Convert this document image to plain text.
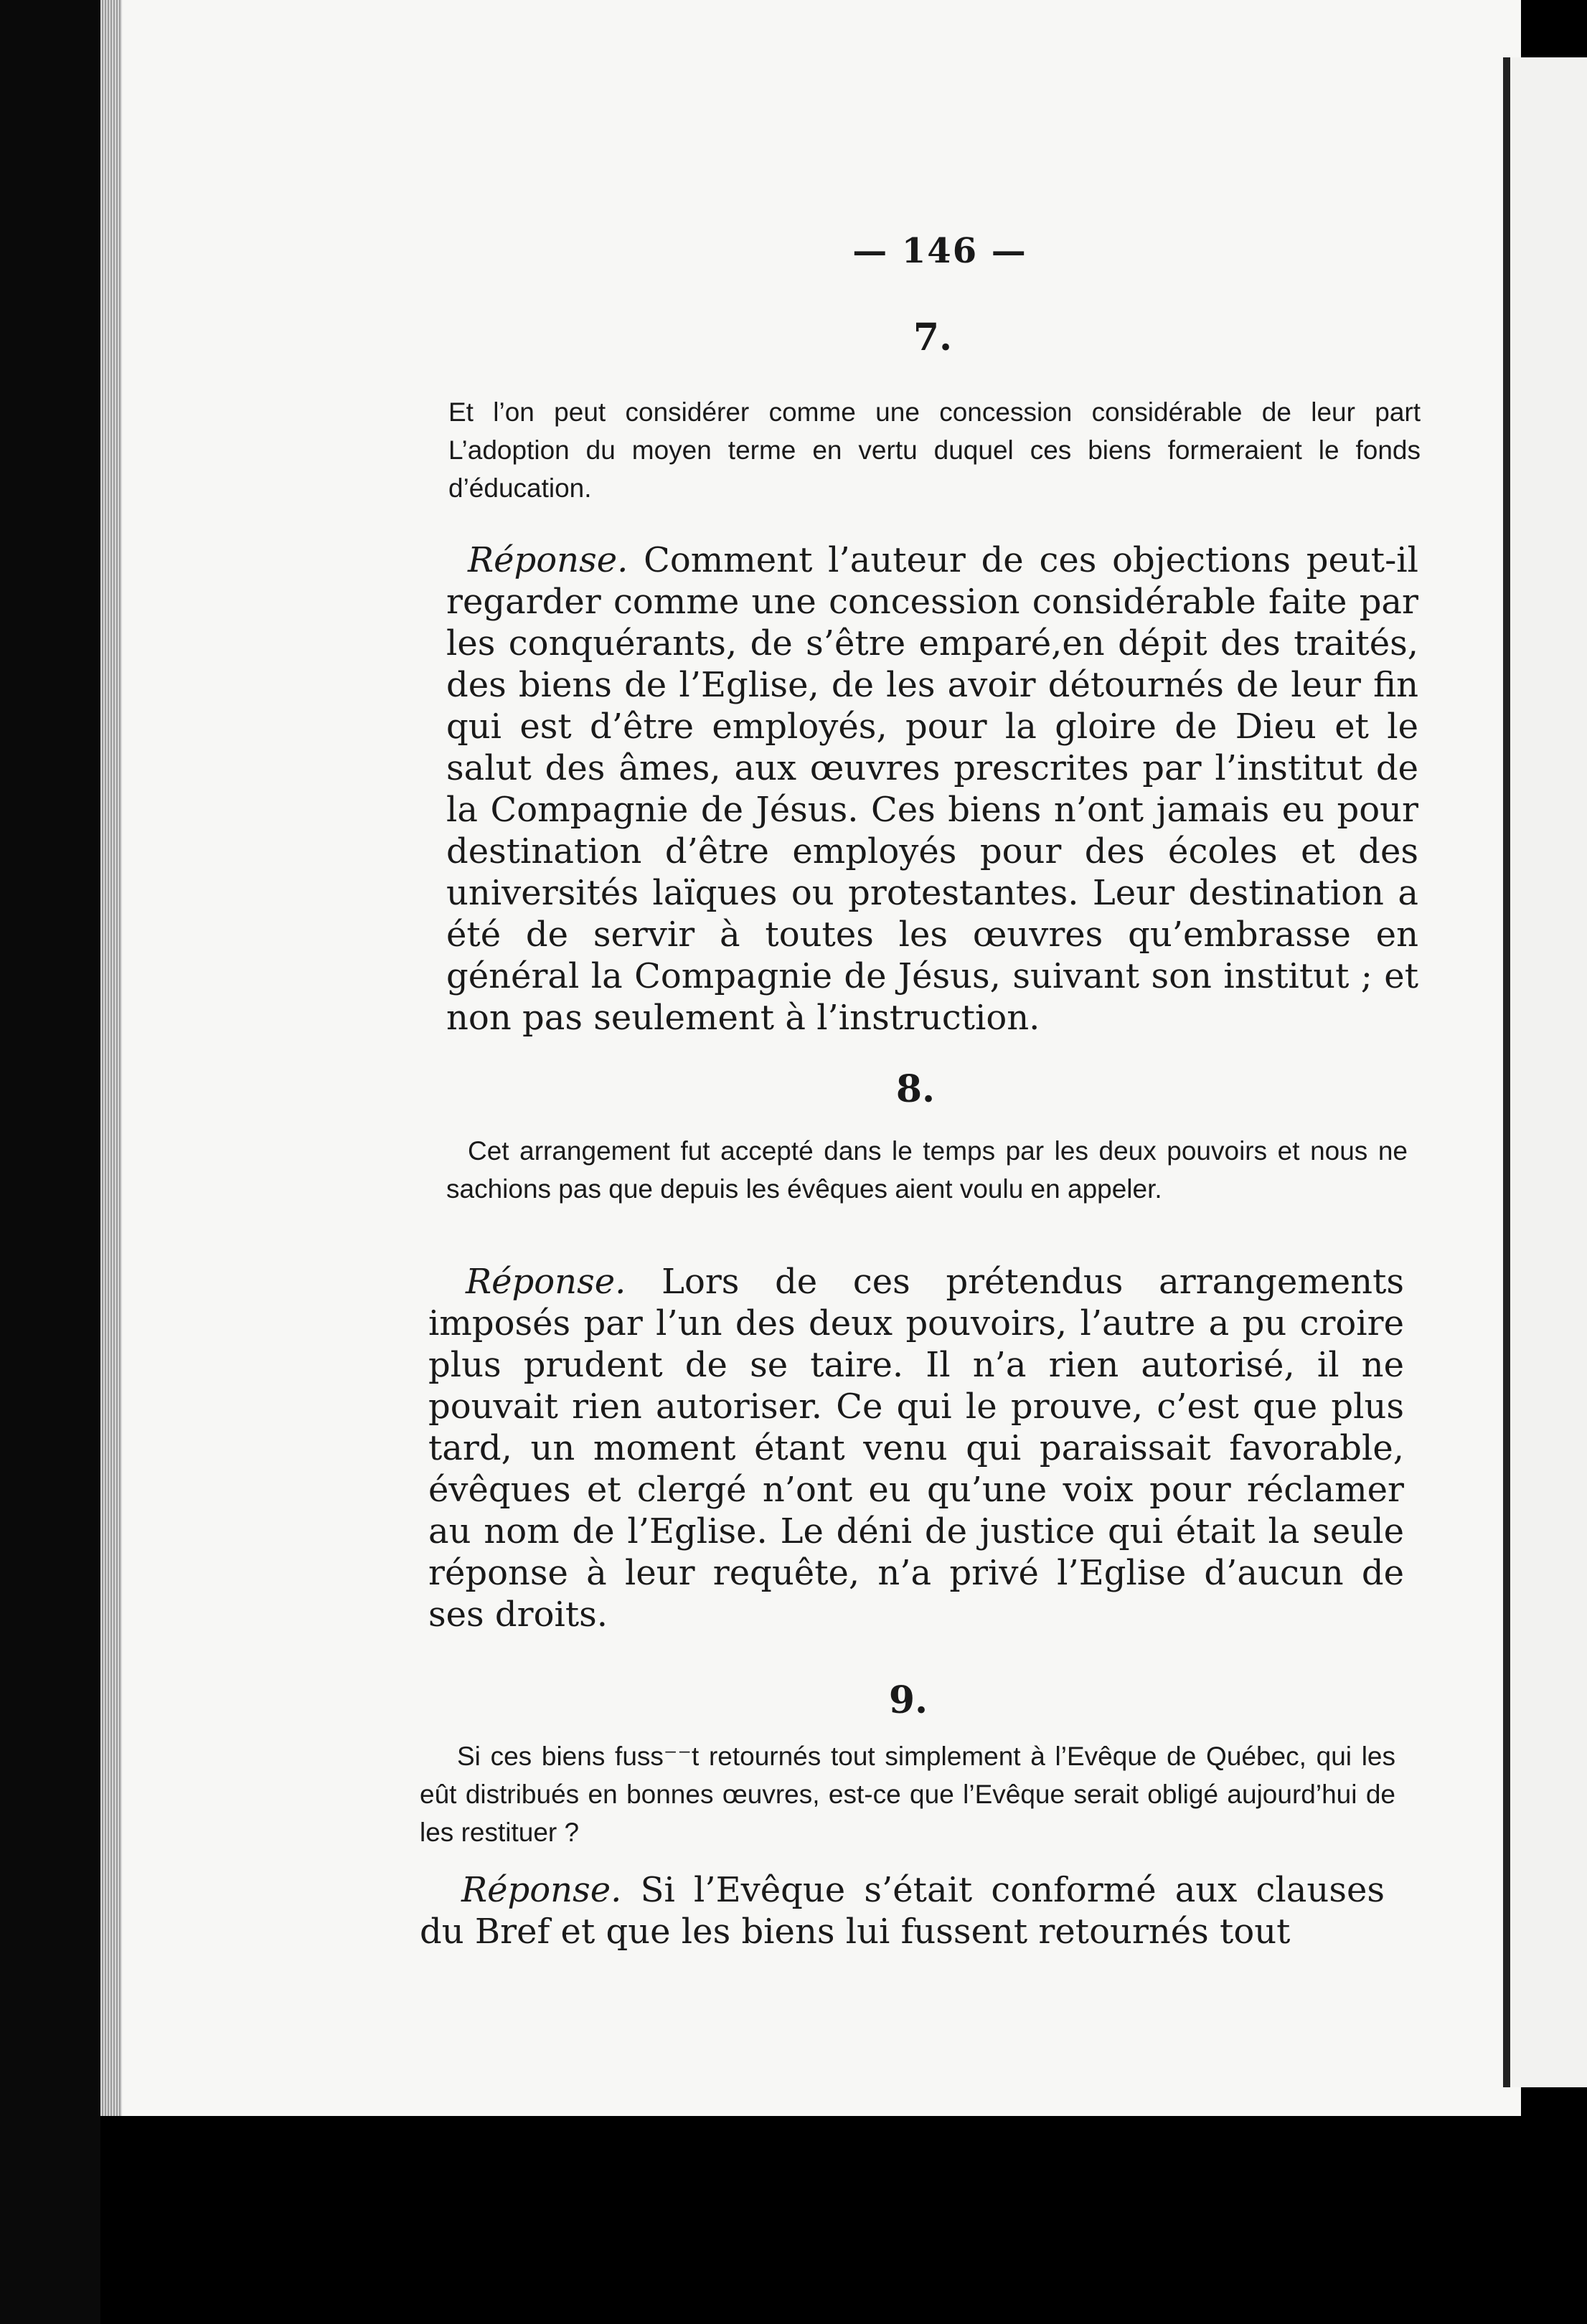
— 146 —
7.
Et l’on peut considérer comme une concession considérable de leur part L’adoption du moyen terme en vertu duquel ces biens formeraient le fonds d’éducation.
Réponse. Comment l’auteur de ces objections peut-il regarder comme une concession considérable faite par les conquérants, de s’être emparé,en dépit des traités, des biens de l’Eglise, de les avoir détournés de leur fin qui est d’être employés, pour la gloire de Dieu et le salut des âmes, aux œuvres prescrites par l’institut de la Compagnie de Jésus. Ces biens n’ont jamais eu pour destination d’être employés pour des écoles et des universités laïques ou protestantes. Leur destination a été de servir à toutes les œuvres qu’embrasse en général la Compagnie de Jésus, suivant son institut ; et non pas seulement à l’instruction.
8.
Cet arrangement fut accepté dans le temps par les deux pouvoirs et nous ne sachions pas que depuis les évêques aient voulu en appeler.
Réponse. Lors de ces prétendus arrangements imposés par l’un des deux pouvoirs, l’autre a pu croire plus prudent de se taire. Il n’a rien autorisé, il ne pouvait rien autoriser. Ce qui le prouve, c’est que plus tard, un moment étant venu qui paraissait favorable, évêques et clergé n’ont eu qu’une voix pour réclamer au nom de l’Eglise. Le déni de justice qui était la seule réponse à leur requête, n’a privé l’Eglise d’aucun de ses droits.
9.
Si ces biens fuss⁻⁻t retournés tout simplement à l’Evêque de Québec, qui les eût distribués en bonnes œuvres, est-ce que l’Evêque serait obligé aujourd’hui de les restituer ?
Réponse. Si l’Evêque s’était conformé aux clauses du Bref et que les biens lui fussent retournés tout
